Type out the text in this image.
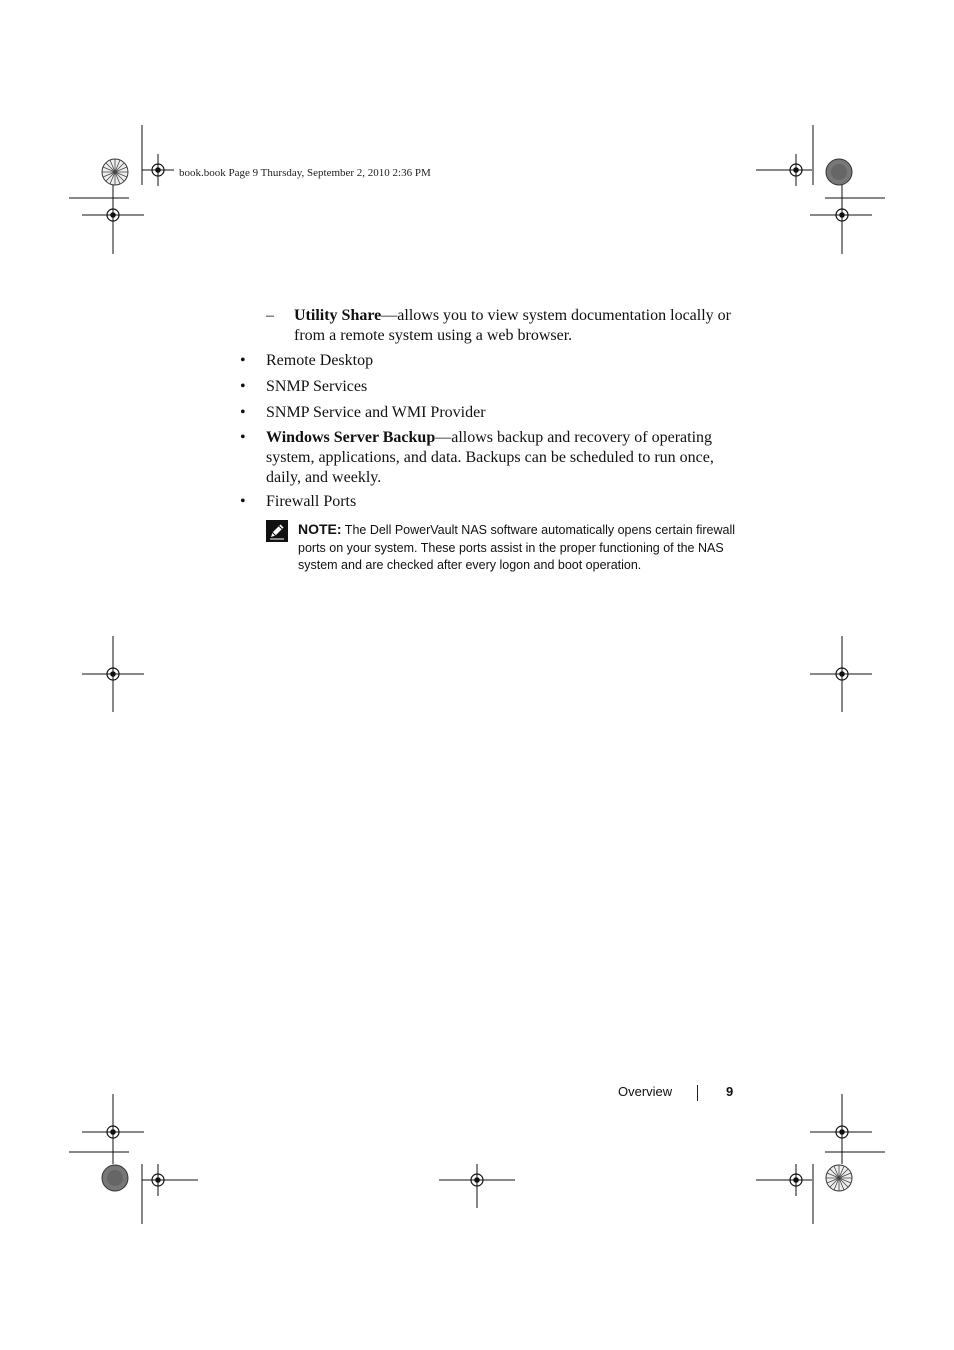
book.book Page 9 Thursday, September 2, 2010 2:36 PM
– Utility Share—allows you to view system documentation locally or from a remote system using a web browser.
• Remote Desktop
• SNMP Services
• SNMP Service and WMI Provider
• Windows Server Backup—allows backup and recovery of operating system, applications, and data. Backups can be scheduled to run once, daily, and weekly.
• Firewall Ports
NOTE: The Dell PowerVault NAS software automatically opens certain firewall ports on your system. These ports assist in the proper functioning of the NAS system and are checked after every logon and boot operation.
Overview	9
